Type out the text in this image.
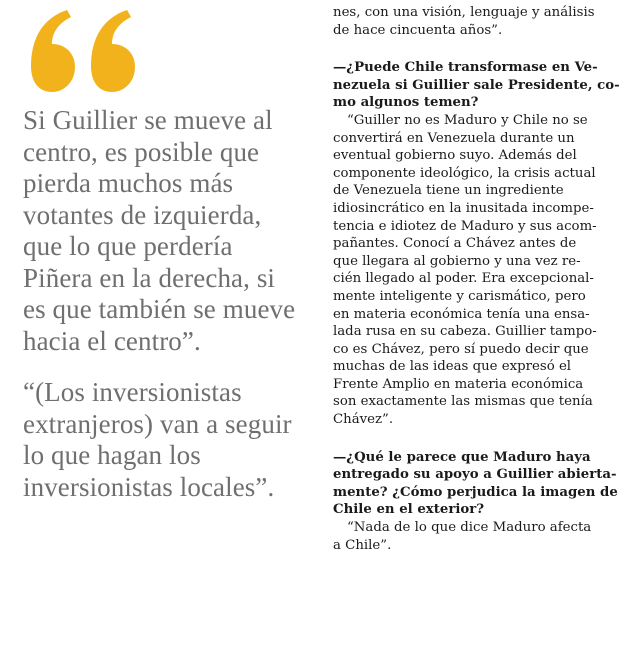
Si Guillier se mueve al
centro, es posible que
pierda muchos más
votantes de izquierda,
que lo que perdería
Piñera en la derecha, si
es que también se mueve
hacia el centro”.

“(Los inversionistas
extranjeros) van a seguir
lo que hagan los
inversionistas locales”.

nes, con una visión, lenguaje y análisis
de hace cincuenta años”.

—¿Puede Chile transformase en Ve-
nezuela si Guillier sale Presidente, co-
mo algunos temen?

“Guiller no es Maduro y Chile no se
convertirá en Venezuela durante un
eventual gobierno suyo. Además del
componente ideológico, la crisis actual
de Venezuela tiene un ingrediente
idiosincrático en la inusitada incompe-
tencia e idiotez de Maduro y sus acom-
pañantes. Conocí a Chávez antes de
que llegara al gobierno y una vez re-
cién llegado al poder. Era excepcional-
mente inteligente y carismático, pero
en materia económica tenía una ensa-
lada rusa en su cabeza. Guillier tampo-
co es Chávez, pero sí puedo decir que
muchas de las ideas que expresó el
Frente Amplio en materia económica
son exactamente las mismas que tenía
Chávez”.

—¿Qué le parece que Maduro haya
entregado su apoyo a Guillier abierta-
mente? ¿Cómo perjudica la imagen de
Chile en el exterior?

“Nada de lo que dice Maduro afecta
a Chile”.
